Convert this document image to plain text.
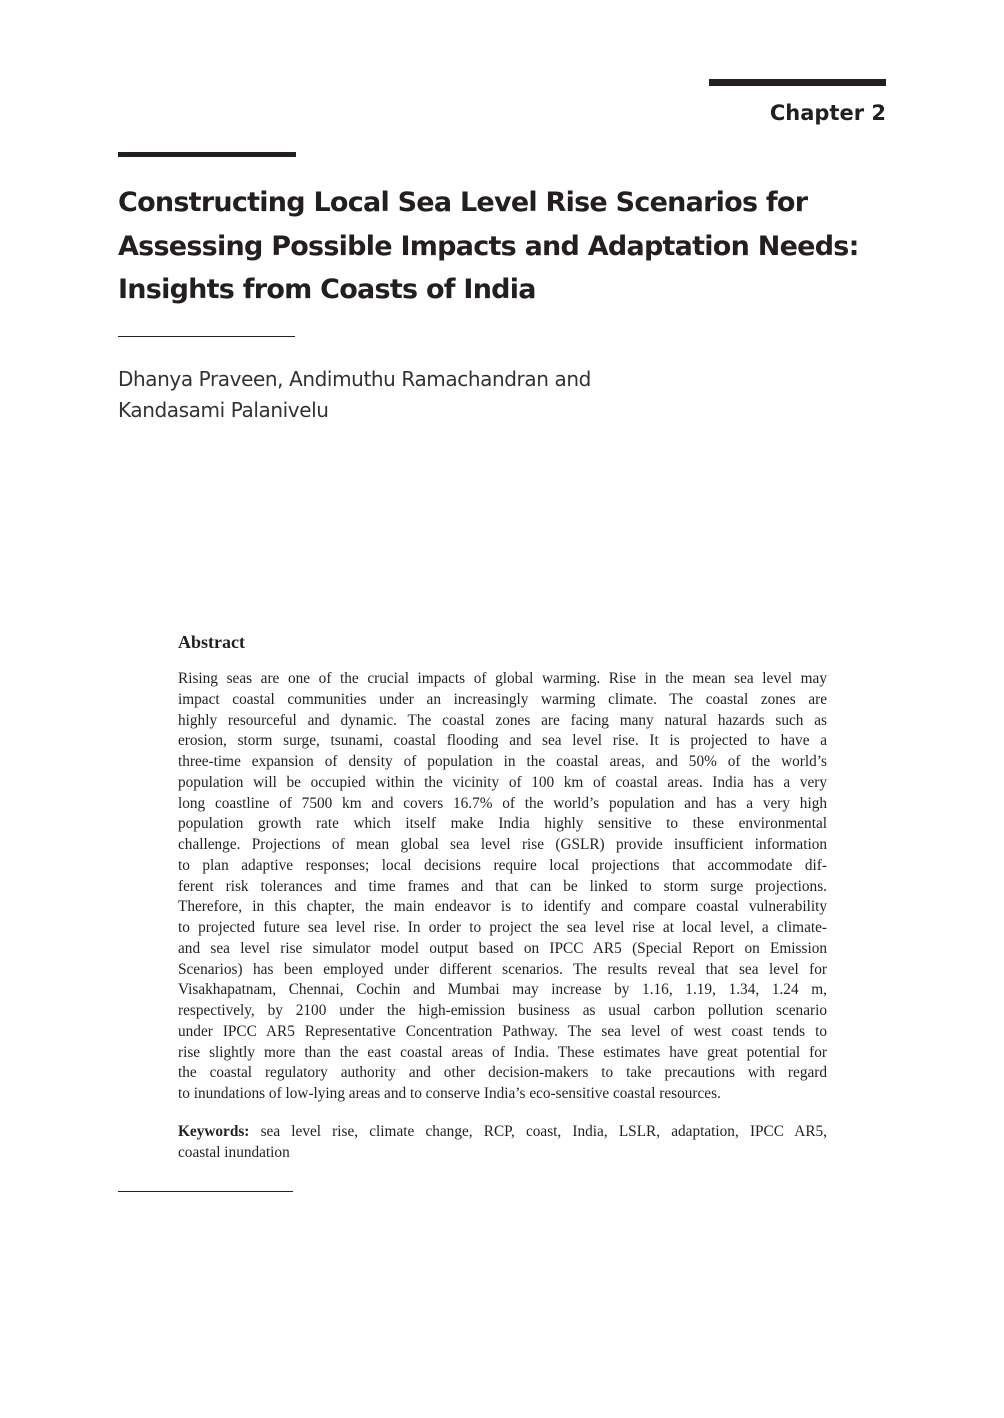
Chapter 2
Constructing Local Sea Level Rise Scenarios for
Assessing Possible Impacts and Adaptation Needs:
Insights from Coasts of India
Dhanya Praveen, Andimuthu Ramachandran and
Kandasami Palanivelu
Abstract
Rising seas are one of the crucial impacts of global warming. Rise in the mean sea level may
impact coastal communities under an increasingly warming climate. The coastal zones are
highly resourceful and dynamic. The coastal zones are facing many natural hazards such as
erosion, storm surge, tsunami, coastal flooding and sea level rise. It is projected to have a
three-time expansion of density of population in the coastal areas, and 50% of the world’s
population will be occupied within the vicinity of 100 km of coastal areas. India has a very
long coastline of 7500 km and covers 16.7% of the world’s population and has a very high
population growth rate which itself make India highly sensitive to these environmental
challenge. Projections of mean global sea level rise (GSLR) provide insufficient information
to plan adaptive responses; local decisions require local projections that accommodate dif-
ferent risk tolerances and time frames and that can be linked to storm surge projections.
Therefore, in this chapter, the main endeavor is to identify and compare coastal vulnerability
to projected future sea level rise. In order to project the sea level rise at local level, a climate-
and sea level rise simulator model output based on IPCC AR5 (Special Report on Emission
Scenarios) has been employed under different scenarios. The results reveal that sea level for
Visakhapatnam, Chennai, Cochin and Mumbai may increase by 1.16, 1.19, 1.34, 1.24 m,
respectively, by 2100 under the high-emission business as usual carbon pollution scenario
under IPCC AR5 Representative Concentration Pathway. The sea level of west coast tends to
rise slightly more than the east coastal areas of India. These estimates have great potential for
the coastal regulatory authority and other decision-makers to take precautions with regard
to inundations of low-lying areas and to conserve India’s eco-sensitive coastal resources.
Keywords: sea level rise, climate change, RCP, coast, India, LSLR, adaptation, IPCC AR5,
coastal inundation
